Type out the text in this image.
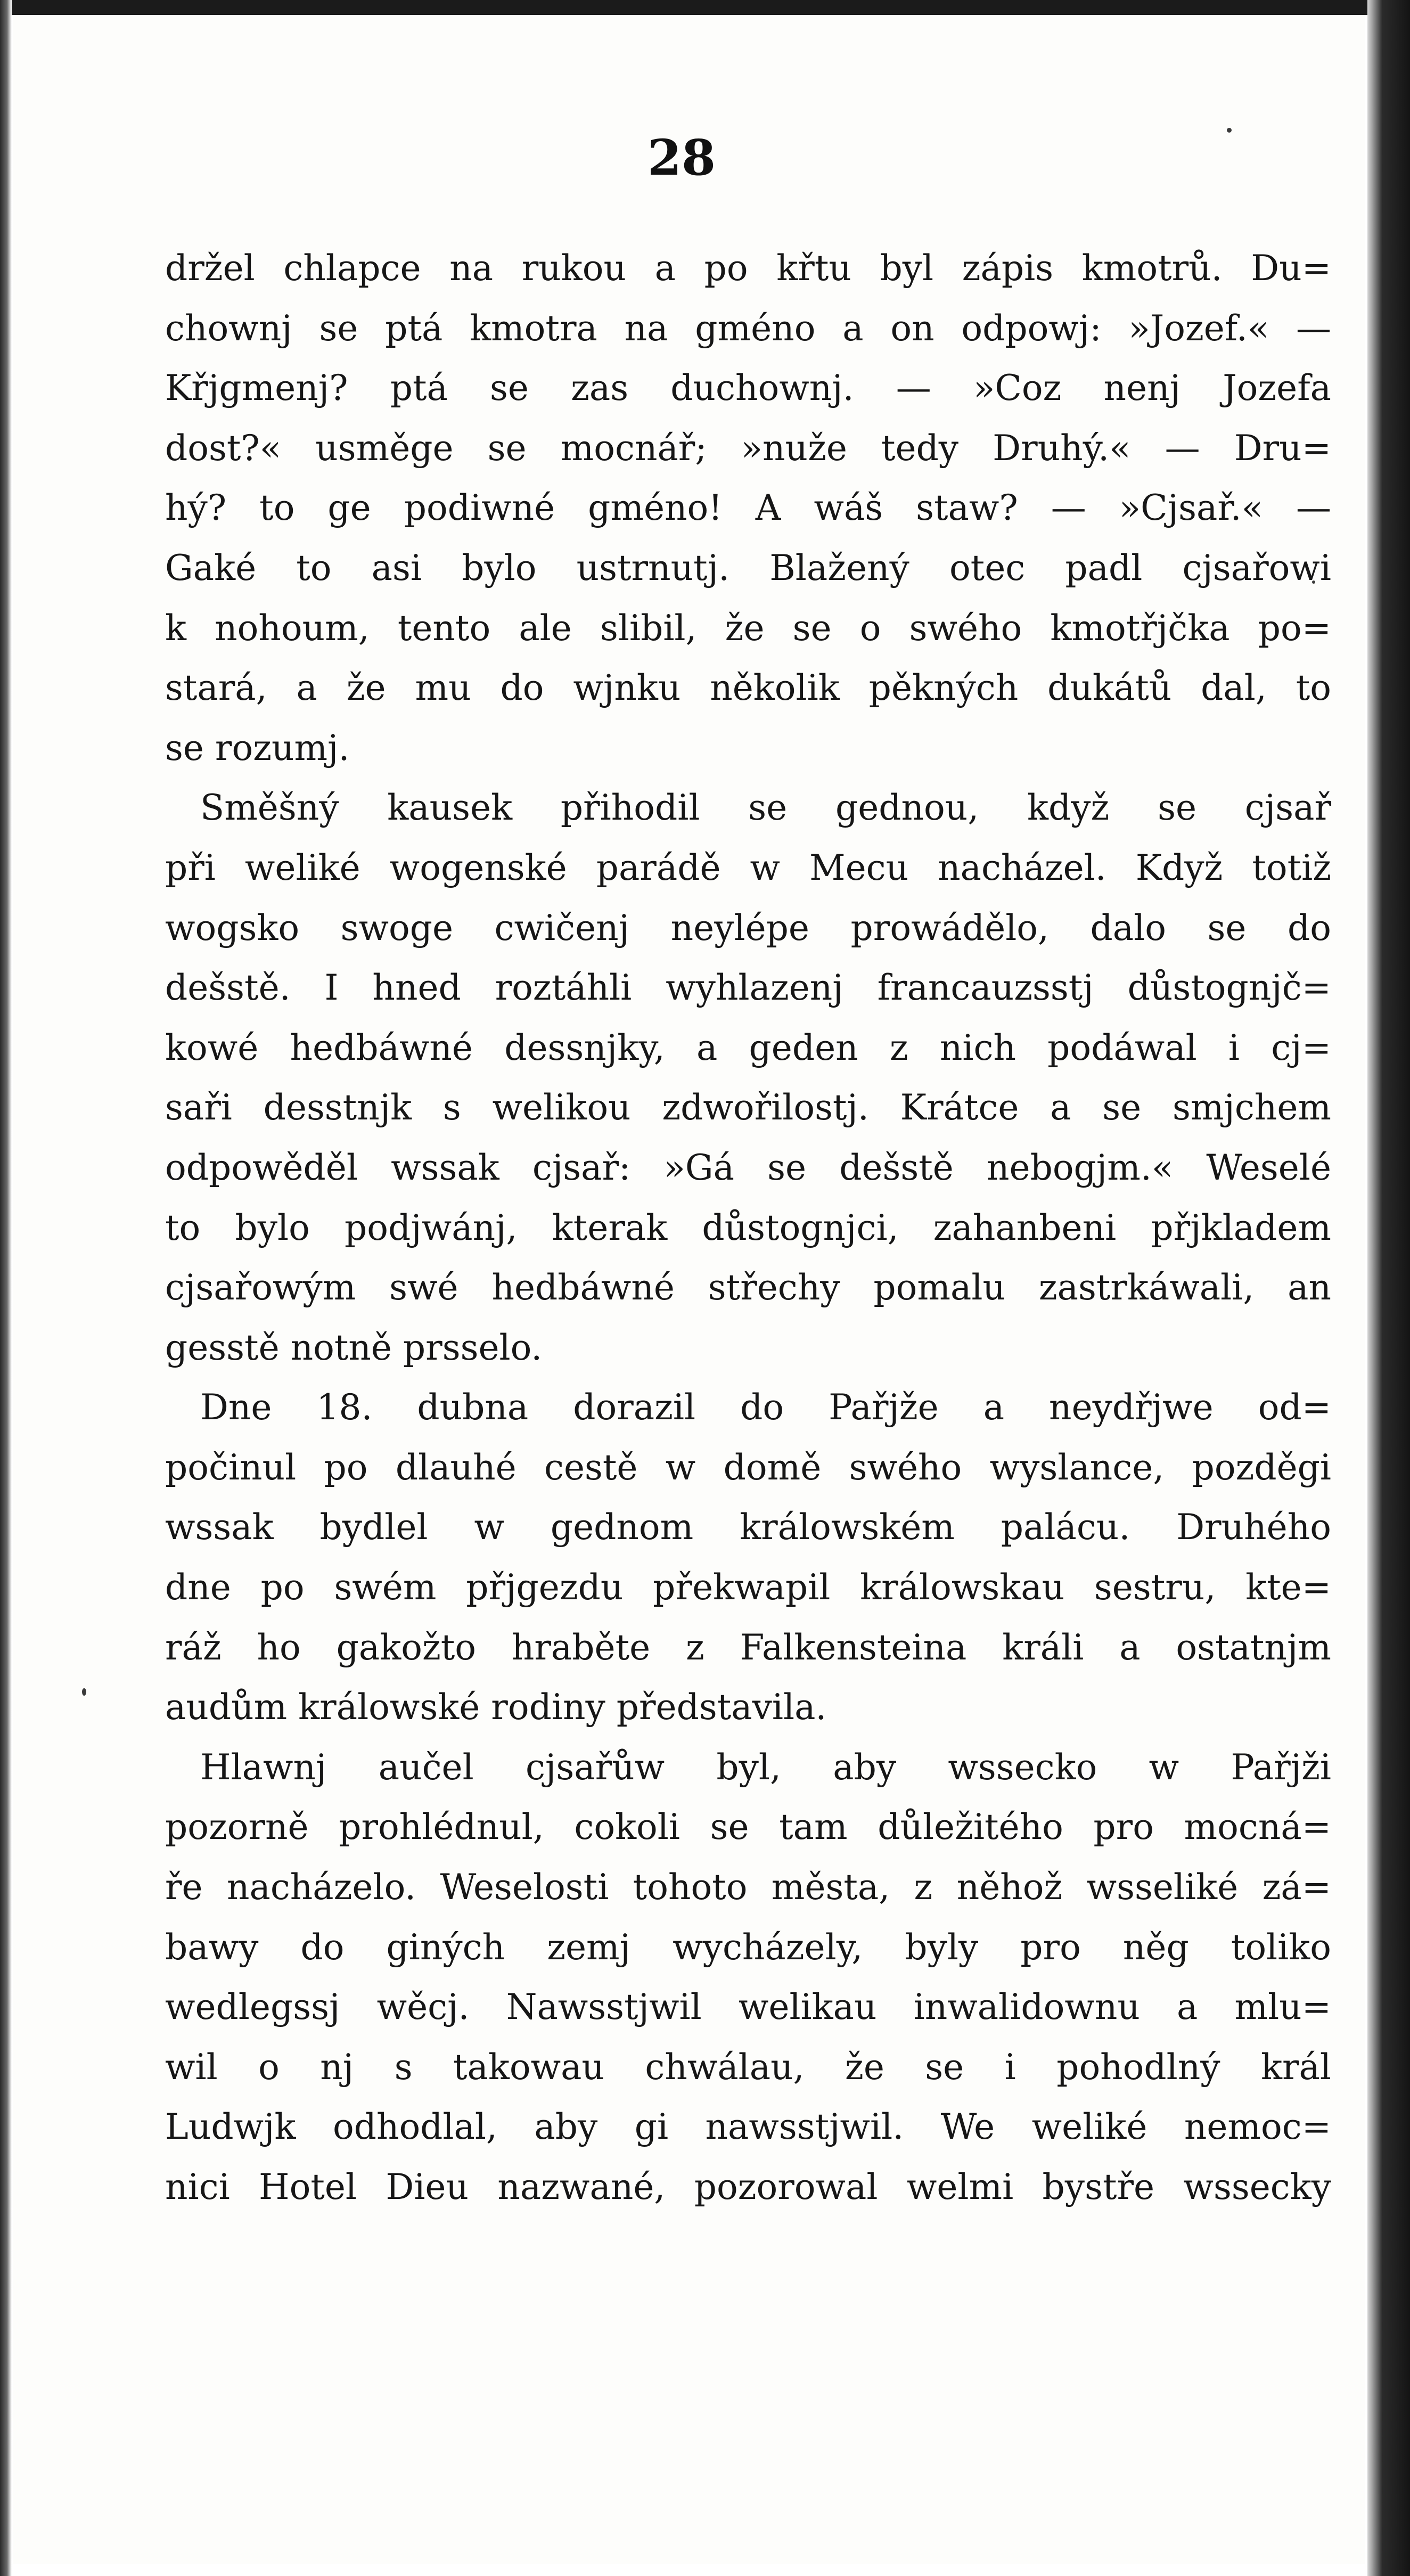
28
držel chlapce na rukou a po křtu byl zápis kmotrů. Du=
chownj se ptá kmotra na gméno a on odpowj: »Jozef.« —
Křjgmenj? ptá se zas duchownj. — »Coz nenj Jozefa
dost?« usměge se mocnář; »nuže tedy Druhý.« — Dru=
hý? to ge podiwné gméno! A wáš staw? — »Cjsař.« —
Gaké to asi bylo ustrnutj. Blažený otec padl cjsařowi
k nohoum, tento ale slibil, že se o swého kmotřjčka po=
stará, a že mu do wjnku několik pěkných dukátů dal, to
se rozumj.
Směšný kausek přihodil se gednou, když se cjsař
při weliké wogenské parádě w Mecu nacházel. Když totiž
wogsko swoge cwičenj neylépe prowádělo, dalo se do
dešstě. I hned roztáhli wyhlazenj francauzsstj důstognjč=
kowé hedbáwné dessnjky, a geden z nich podáwal i cj=
saři desstnjk s welikou zdwořilostj. Krátce a se smjchem
odpowěděl wssak cjsař: »Gá se dešstě nebogjm.« Weselé
to bylo podjwánj, kterak důstognjci, zahanbeni přjkladem
cjsařowým swé hedbáwné střechy pomalu zastrkáwali, an
gesstě notně prsselo.
Dne 18. dubna dorazil do Pařjže a neydřjwe od=
počinul po dlauhé cestě w domě swého wyslance, pozděgi
wssak bydlel w gednom králowském palácu. Druhého
dne po swém přjgezdu překwapil králowskau sestru, kte=
ráž ho gakožto hraběte z Falkensteina králi a ostatnjm
audům králowské rodiny představila.
Hlawnj aučel cjsařůw byl, aby wssecko w Pařjži
pozorně prohlédnul, cokoli se tam důležitého pro mocná=
ře nacházelo. Weselosti tohoto města, z něhož wsseliké zá=
bawy do giných zemj wycházely, byly pro něg toliko
wedlegssj wěcj. Nawsstjwil welikau inwalidownu a mlu=
wil o nj s takowau chwálau, že se i pohodlný král
Ludwjk odhodlal, aby gi nawsstjwil. We weliké nemoc=
nici Hotel Dieu nazwané, pozorowal welmi bystře wssecky
